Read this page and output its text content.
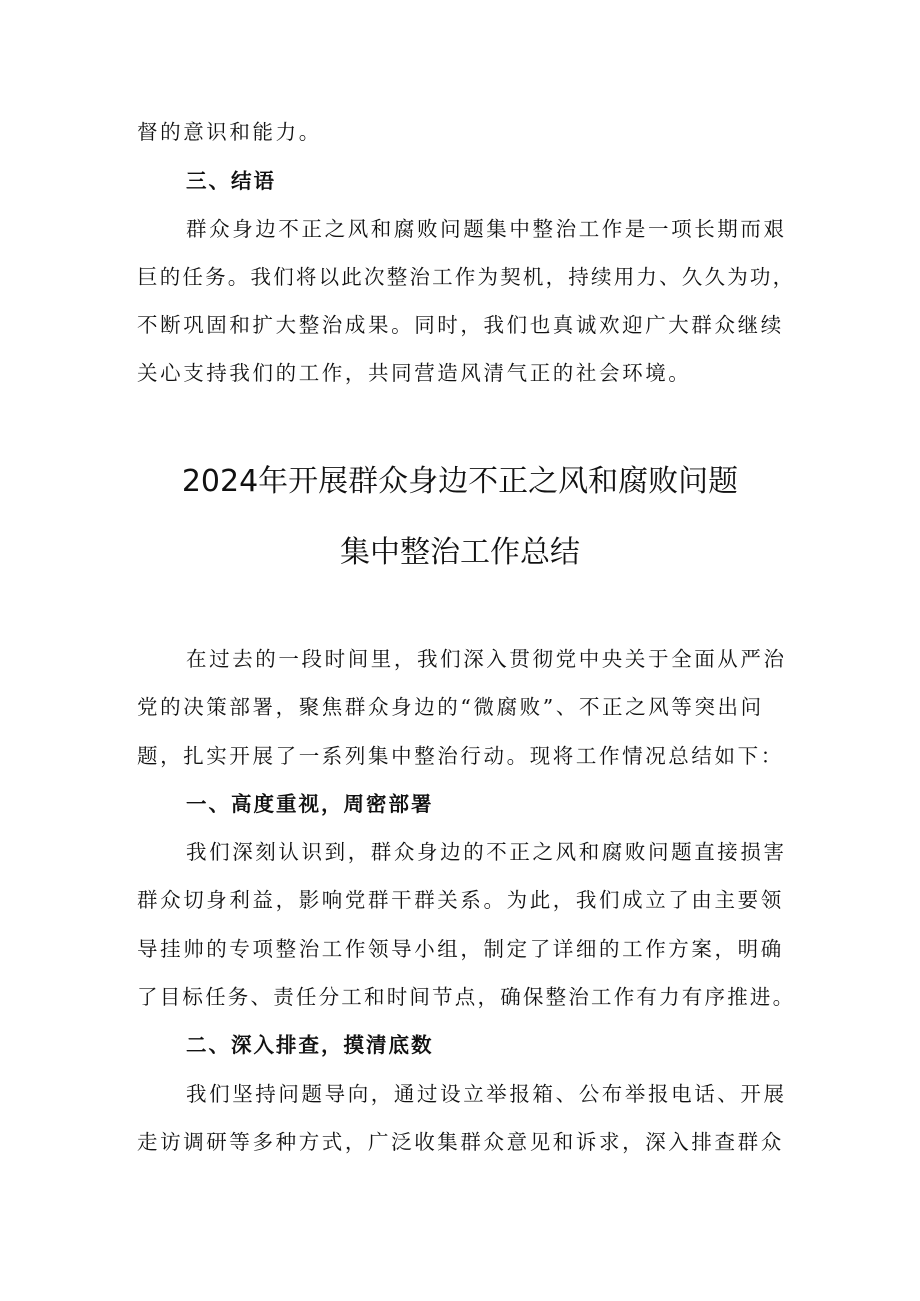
督的意识和能力。
三、结语
群众身边不正之风和腐败问题集中整治工作是一项长期而艰
巨的任务。我们将以此次整治工作为契机，持续用力、久久为功，
不断巩固和扩大整治成果。同时，我们也真诚欢迎广大群众继续
关心支持我们的工作，共同营造风清气正的社会环境。
2024年开展群众身边不正之风和腐败问题
集中整治工作总结
在过去的一段时间里，我们深入贯彻党中央关于全面从严治
党的决策部署，聚焦群众身边的“微腐败”、不正之风等突出问
题，扎实开展了一系列集中整治行动。现将工作情况总结如下：
一、高度重视，周密部署
我们深刻认识到，群众身边的不正之风和腐败问题直接损害
群众切身利益，影响党群干群关系。为此，我们成立了由主要领
导挂帅的专项整治工作领导小组，制定了详细的工作方案，明确
了目标任务、责任分工和时间节点，确保整治工作有力有序推进。
二、深入排查，摸清底数
我们坚持问题导向，通过设立举报箱、公布举报电话、开展
走访调研等多种方式，广泛收集群众意见和诉求，深入排查群众
